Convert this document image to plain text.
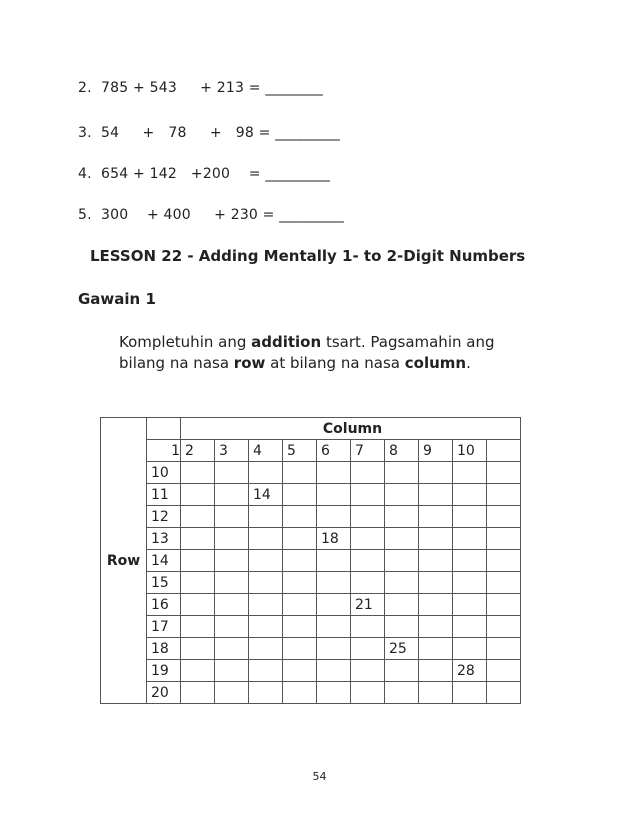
2.  785 + 543     + 213 = ________
3.  54     +   78     +   98 = _________
4.  654 + 142   +200    = _________
5.  300    + 400     + 230 = _________
LESSON 22 - Adding Mentally 1- to 2-Digit Numbers
Gawain 1
Kompletuhin ang addition tsart. Pagsamahin ang bilang na nasa row at bilang na nasa column.
Row		Column									
	1	2	3	4	5	6	7	8	9	10	
	10										
	11			14							
	12										
	13					18					
	14										
	15										
	16						21				
	17										
	18							25			
	19									28	
	20										
54
